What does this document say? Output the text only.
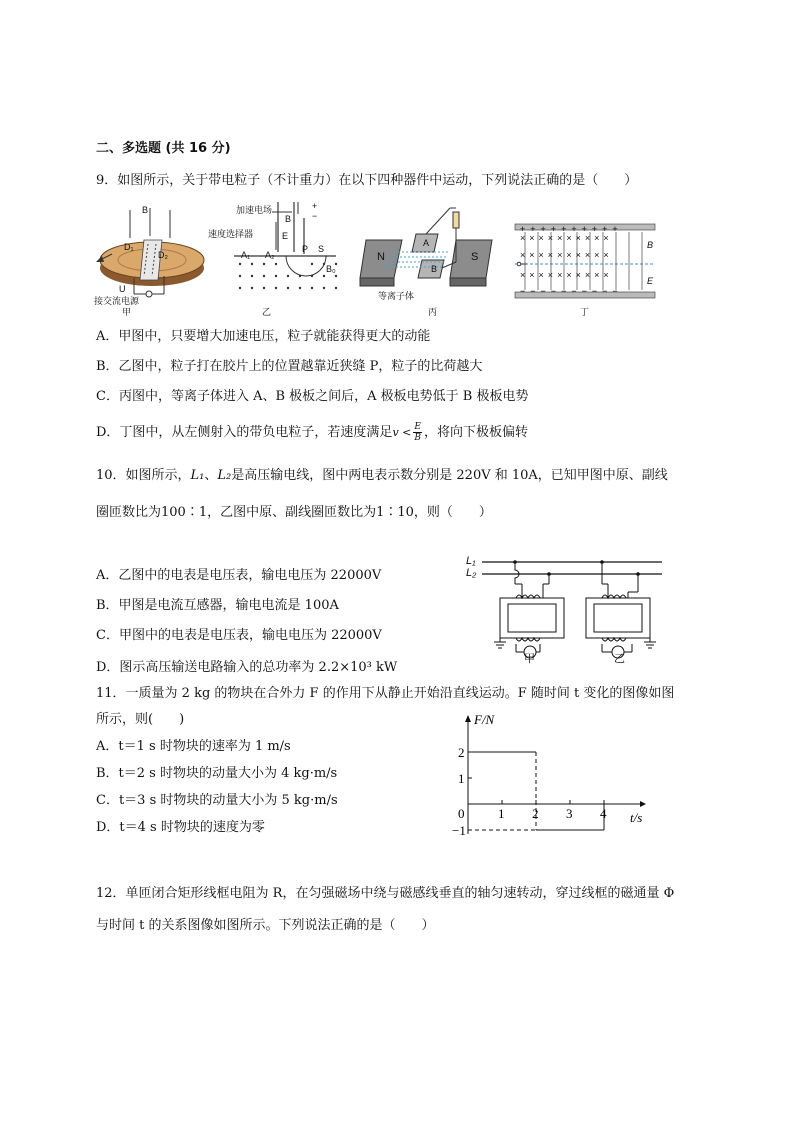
二、多选题 (共 16 分)
9．如图所示，关于带电粒子（不计重力）在以下四种器件中运动，下列说法正确的是（　　）
B
D₁
D₂
U
接交流电源
甲
加速电场
速度选择器
B
E
P S
+
−
A₁ A₂
B₀
乙
N	S
A
B
等离子体
丙
++++++++++
××××××××××
××××××××××
××××××××××
−−−−−−−−−−
B
E
丁
A．甲图中，只要增大加速电压，粒子就能获得更大的动能
B．乙图中，粒子打在胶片上的位置越靠近狭缝 P，粒子的比荷越大
C．丙图中，等离子体进入 A、B 极板之间后，A 极板电势低于 B 极板电势
D．丁图中，从左侧射入的带负电粒子，若速度满足$v < \frac{E}{B}$ ，将向下极板偏转
10．如图所示，L₁、L₂是高压输电线，图中两电表示数分别是 220V 和 10A，已知甲图中原、副线
圈匝数比为100∶1，乙图中原、副线圈匝数比为1∶10，则（　　）
A．乙图中的电表是电压表，输电电压为 22000V
B．甲图是电流互感器，输电电流是 100A
C．甲图中的电表是电压表，输电电压为 22000V
D．图示高压输送电路输入的总功率为 2.2×10³ kW
L₁
L₂
甲	乙
11．一质量为 2 kg 的物块在合外力 F 的作用下从静止开始沿直线运动。F 随时间 t 变化的图像如图
所示，则(　　)
A．t＝1 s 时物块的速率为 1 m/s
B．t＝2 s 时物块的动量大小为 4 kg·m/s
C．t＝3 s 时物块的动量大小为 5 kg·m/s
D．t＝4 s 时物块的速度为零
0	1 2 3 4
2
1
−1
F/N
t/s
12．单匝闭合矩形线框电阻为 R，在匀强磁场中绕与磁感线垂直的轴匀速转动，穿过线框的磁通量 Φ
与时间 t 的关系图像如图所示。下列说法正确的是（　　）
